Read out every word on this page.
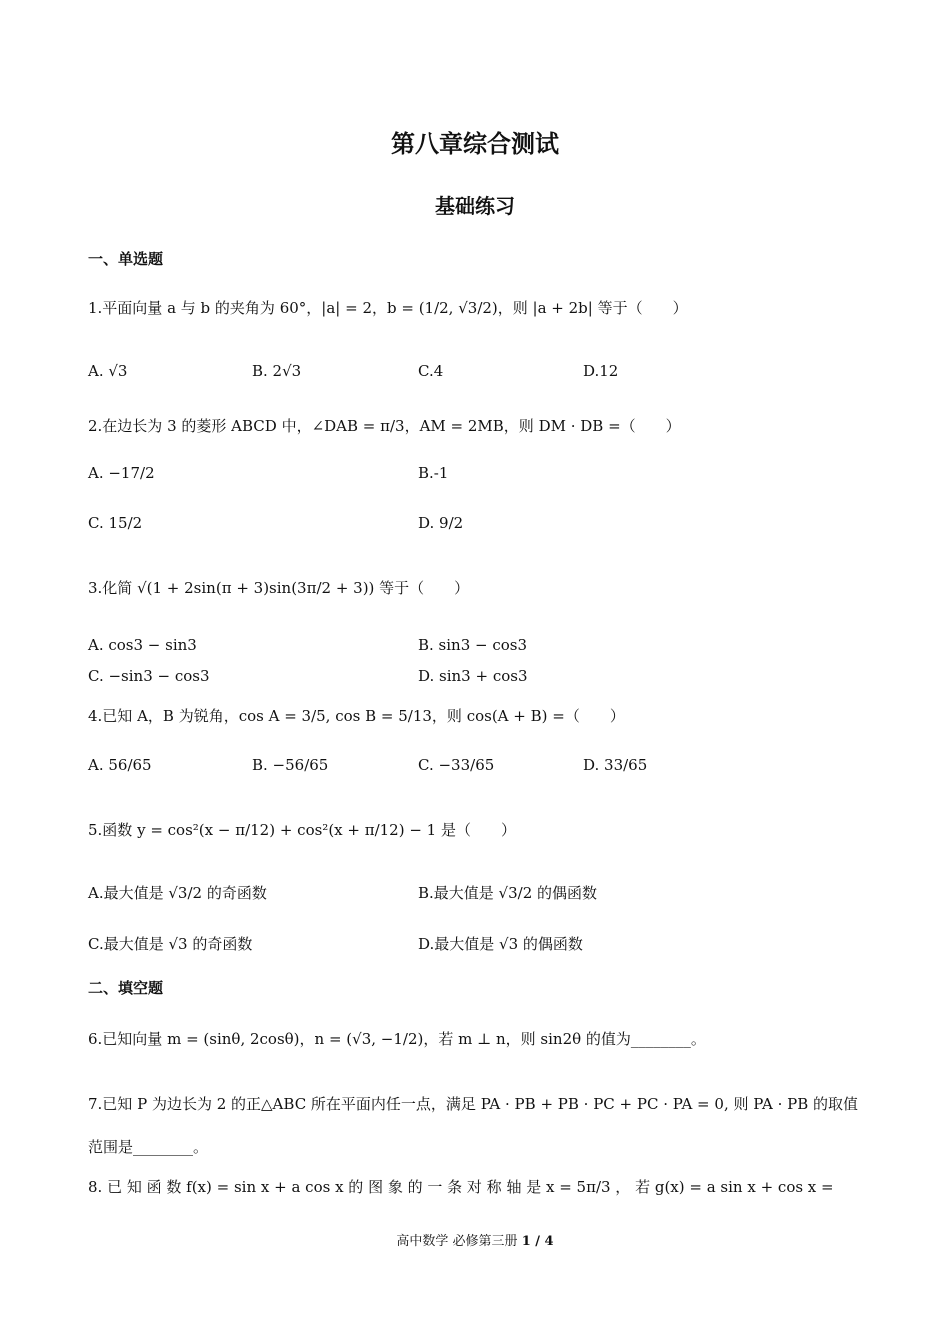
第八章综合测试
基础练习
一、单选题
1.平面向量 a 与 b 的夹角为 60°，|a| = 2，b = (1/2, √3/2)，则 |a + 2b| 等于（　　）
A. √3	B. 2√3	C.4	D.12
2.在边长为 3 的菱形 ABCD 中，∠DAB = π/3，AM = 2MB，则 DM · DB =（　　）
A. −17/2	B.-1
C. 15/2	D. 9/2
3.化简 √(1 + 2sin(π + 3)sin(3π/2 + 3)) 等于（　　）
A. cos3 − sin3	B. sin3 − cos3
C. −sin3 − cos3	D. sin3 + cos3
4.已知 A，B 为锐角，cos A = 3/5, cos B = 5/13，则 cos(A + B) =（　　）
A. 56/65	B. −56/65	C. −33/65	D. 33/65
5.函数 y = cos²(x − π/12) + cos²(x + π/12) − 1 是（　　）
A.最大值是 √3/2 的奇函数	B.最大值是 √3/2 的偶函数
C.最大值是 √3 的奇函数	D.最大值是 √3 的偶函数
二、填空题
6.已知向量 m = (sinθ, 2cosθ)，n = (√3, −1/2)，若 m ⊥ n，则 sin2θ 的值为________。
7.已知 P 为边长为 2 的正△ABC 所在平面内任一点，满足 PA · PB + PB · PC + PC · PA = 0, 则 PA · PB 的取值
范围是________。
8. 已 知 函 数 f(x) = sin x + a cos x 的 图 象 的 一 条 对 称 轴 是 x = 5π/3 ， 若 g(x) = a sin x + cos x =
高中数学 必修第三册 1 / 4
